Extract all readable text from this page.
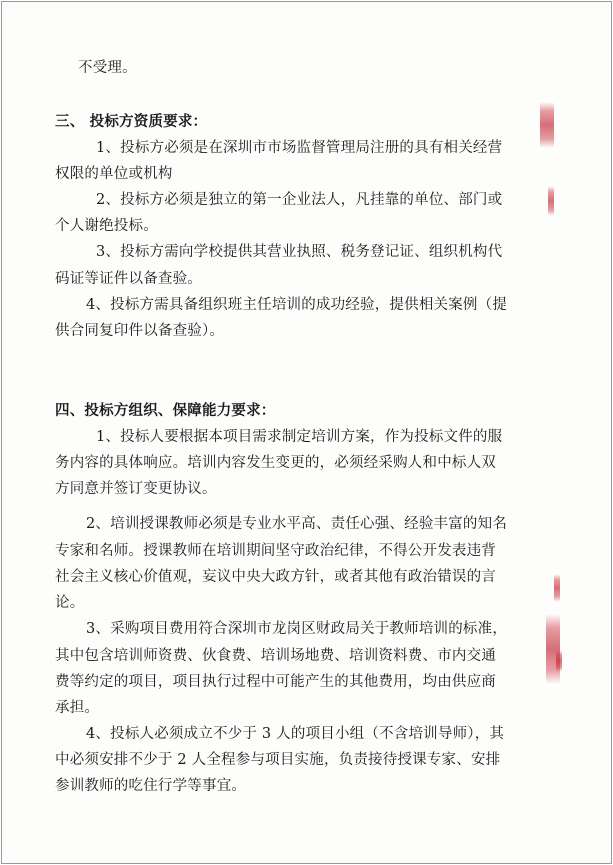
不受理。
三、 投标方资质要求：
1、投标方必须是在深圳市市场监督管理局注册的具有相关经营
权限的单位或机构
2、投标方必须是独立的第一企业法人，凡挂靠的单位、部门或
个人谢绝投标。
3、投标方需向学校提供其营业执照、税务登记证、组织机构代
码证等证件以备查验。
4、投标方需具备组织班主任培训的成功经验，提供相关案例（提
供合同复印件以备查验）。
四、投标方组织、保障能力要求：
1、投标人要根据本项目需求制定培训方案，作为投标文件的服
务内容的具体响应。培训内容发生变更的，必须经采购人和中标人双
方同意并签订变更协议。
2、培训授课教师必须是专业水平高、责任心强、经验丰富的知名
专家和名师。授课教师在培训期间坚守政治纪律，不得公开发表违背
社会主义核心价值观，妄议中央大政方针，或者其他有政治错误的言
论。
3、采购项目费用符合深圳市龙岗区财政局关于教师培训的标准，
其中包含培训师资费、伙食费、培训场地费、培训资料费、市内交通
费等约定的项目，项目执行过程中可能产生的其他费用，均由供应商
承担。
4、投标人必须成立不少于 3 人的项目小组（不含培训导师），其
中必须安排不少于 2 人全程参与项目实施，负责接待授课专家、安排
参训教师的吃住行学等事宜。
